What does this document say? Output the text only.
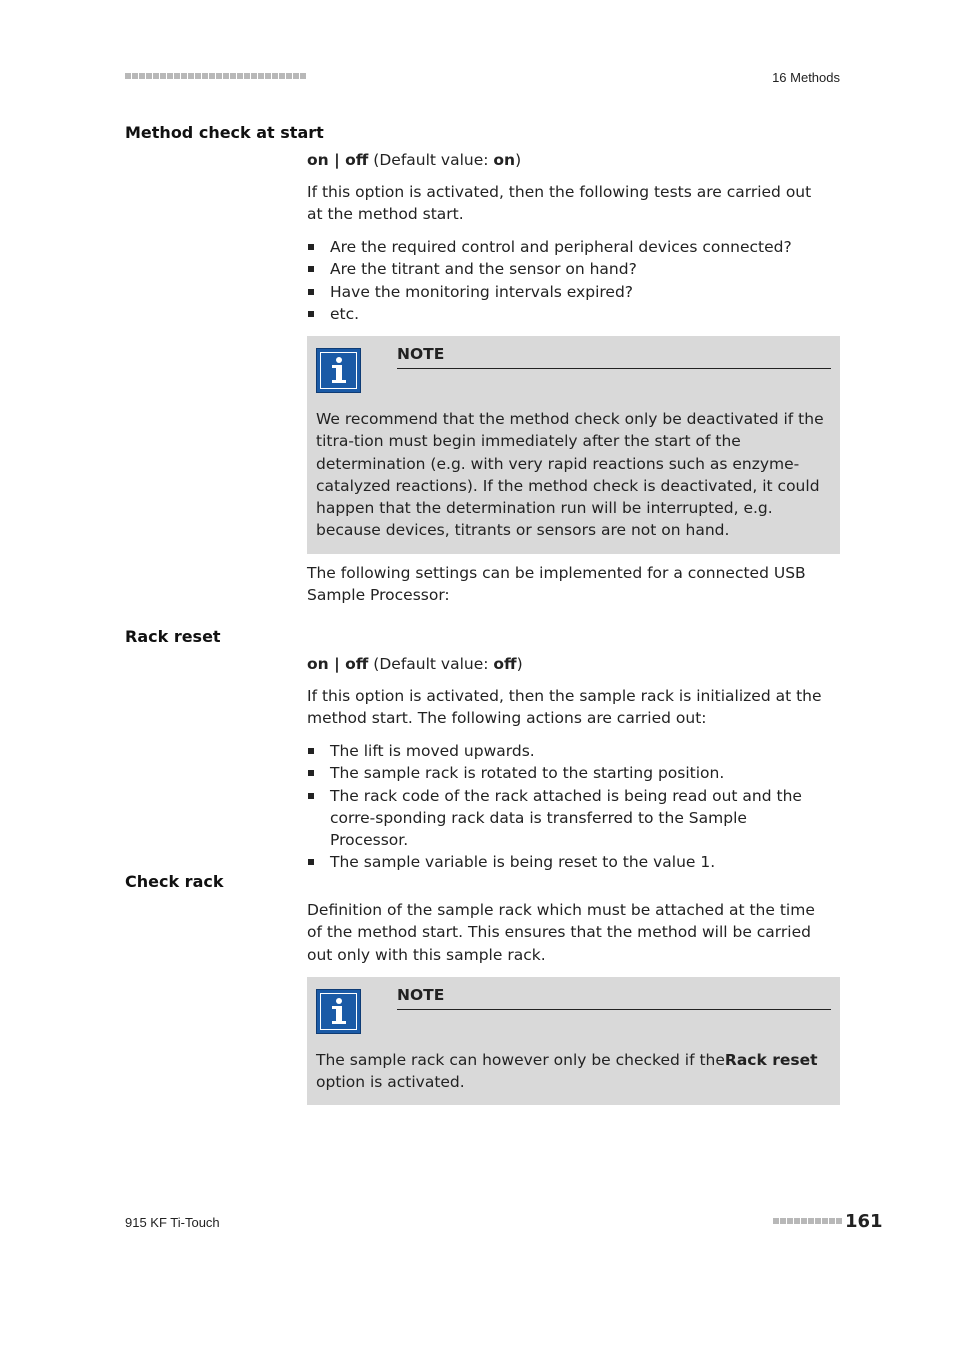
16 Methods
Method check at start
on | off (Default value: on)
If this option is activated, then the following tests are carried out at the method start.
Are the required control and peripheral devices connected?
Are the titrant and the sensor on hand?
Have the monitoring intervals expired?
etc.
NOTE
We recommend that the method check only be deactivated if the titra-tion must begin immediately after the start of the determination (e.g. with very rapid reactions such as enzyme-catalyzed reactions). If the method check is deactivated, it could happen that the determination run will be interrupted, e.g. because devices, titrants or sensors are not on hand.
The following settings can be implemented for a connected USB Sample Processor:
Rack reset
on | off (Default value: off)
If this option is activated, then the sample rack is initialized at the method start. The following actions are carried out:
The lift is moved upwards.
The sample rack is rotated to the starting position.
The rack code of the rack attached is being read out and the corre-sponding rack data is transferred to the Sample Processor.
The sample variable is being reset to the value 1.
Check rack
Definition of the sample rack which must be attached at the time of the method start. This ensures that the method will be carried out only with this sample rack.
NOTE
The sample rack can however only be checked if theRack reset option is activated.
915 KF Ti-Touch	161
